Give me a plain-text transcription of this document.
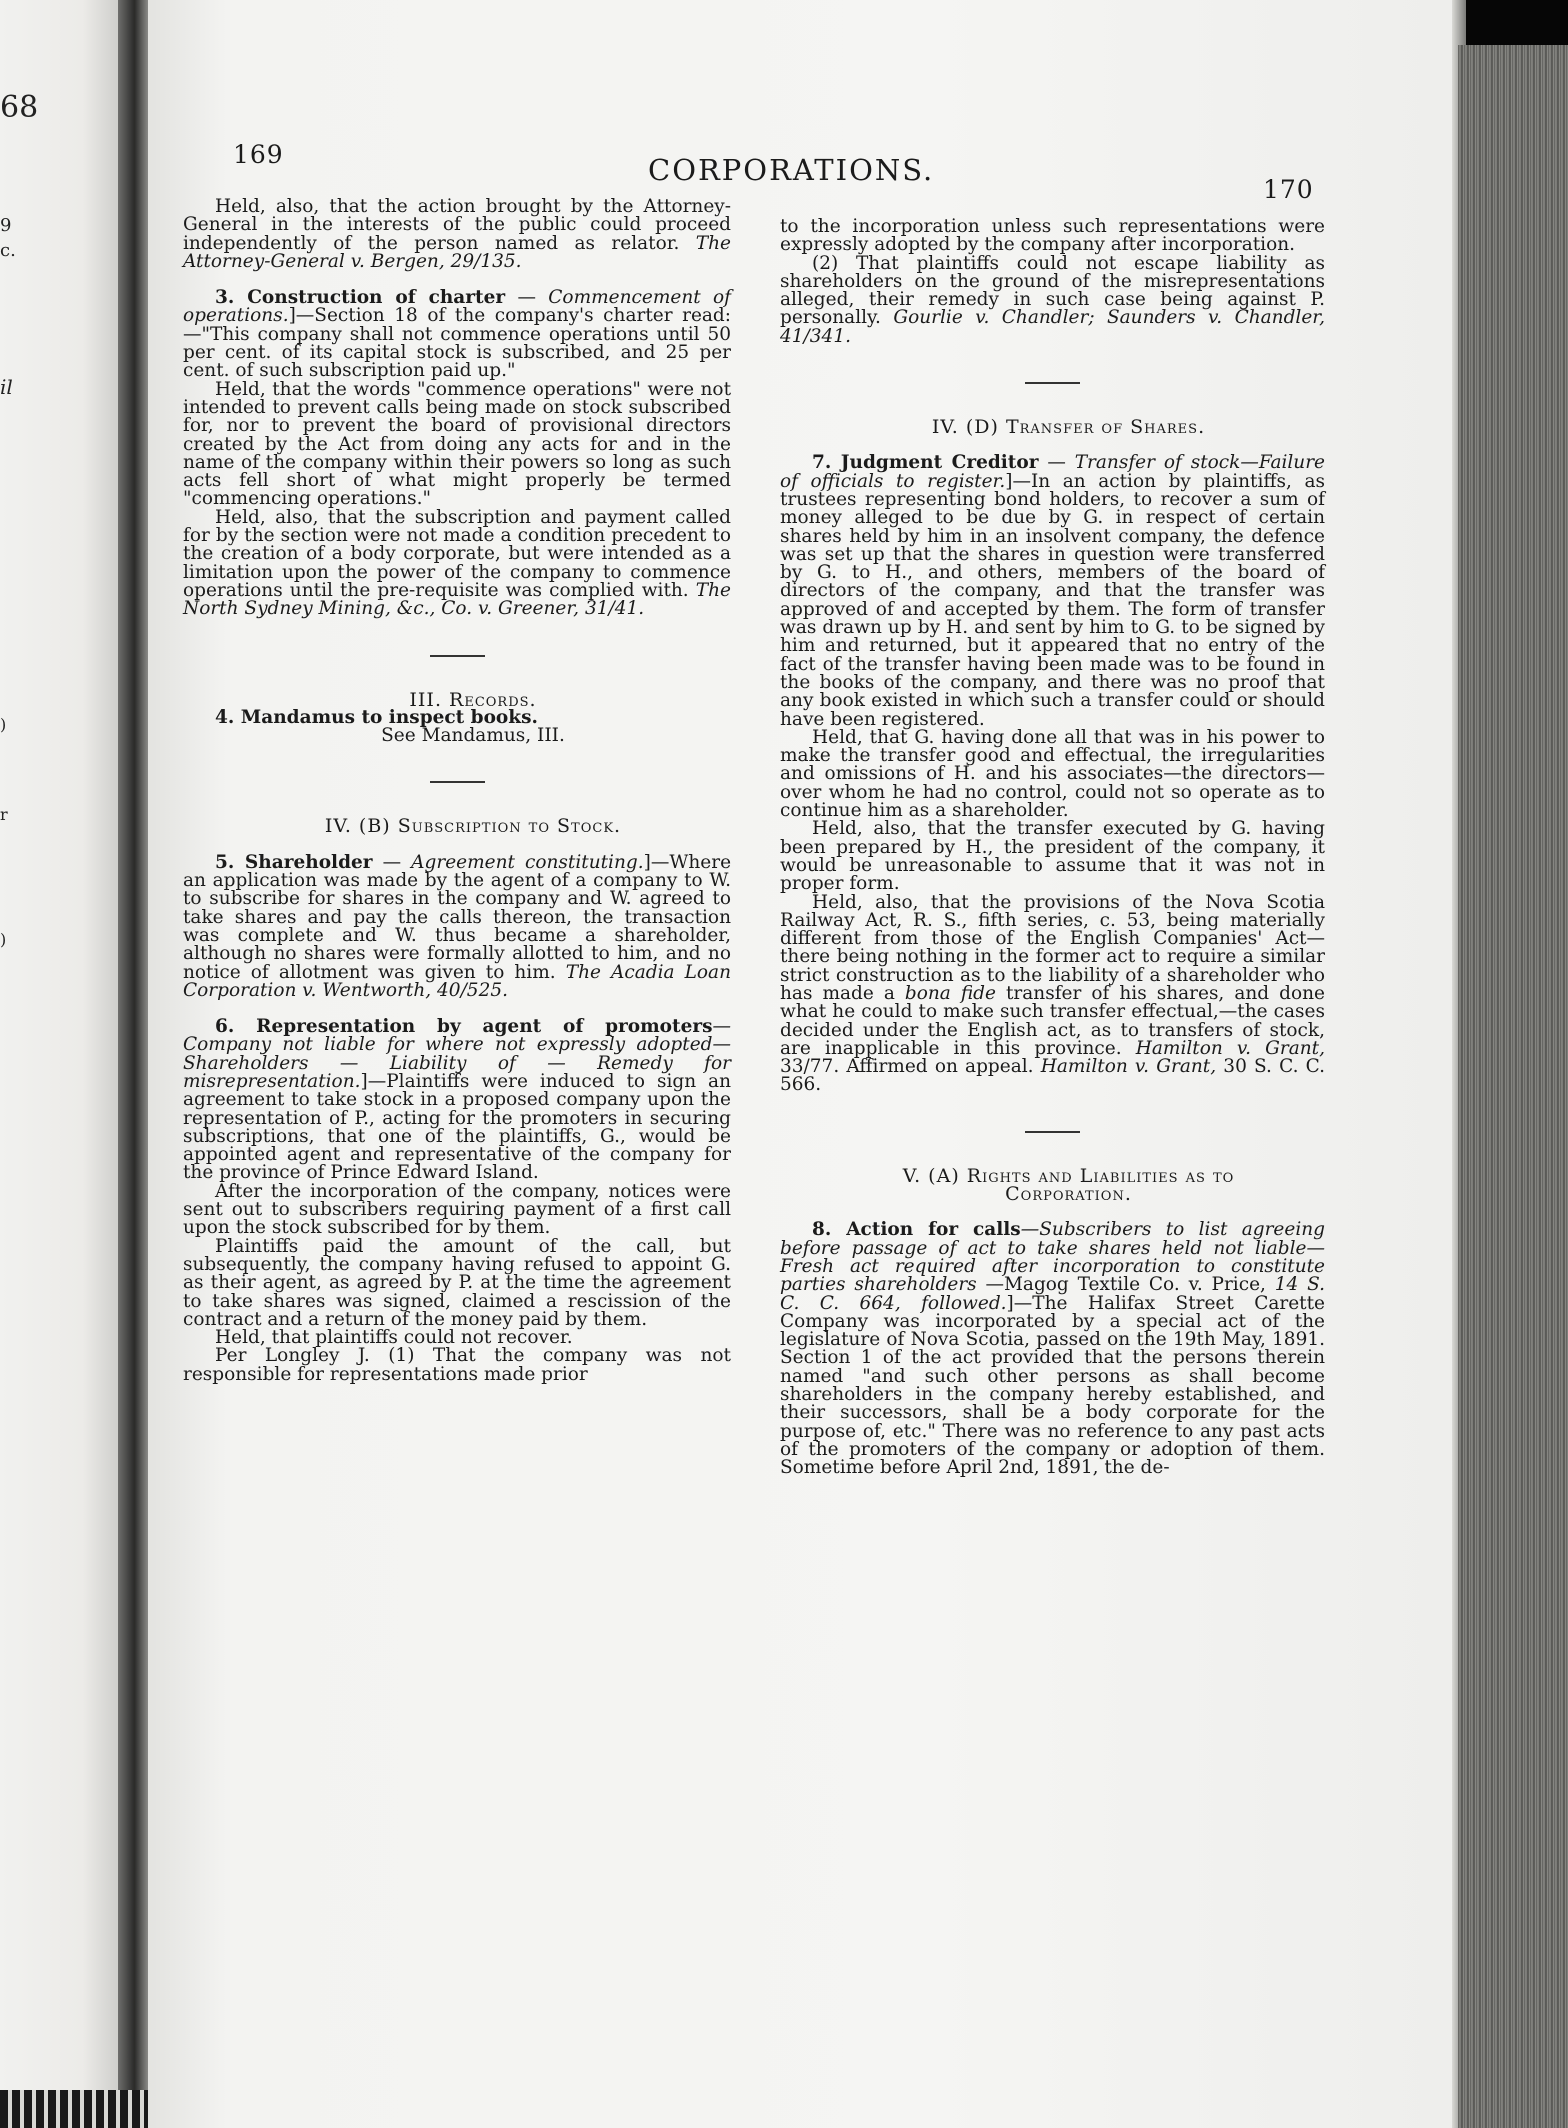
68
9
c.
il
)
r
)
169	CORPORATIONS.
170

Held, also, that the action brought by the Attorney-General in the interests of the public could proceed independently of the person named as relator. The Attorney-General v. Bergen, 29/135.

3. Construction of charter — Commencement of operations.]—Section 18 of the company's charter read:—"This company shall not commence operations until 50 per cent. of its capital stock is subscribed, and 25 per cent. of such subscription paid up."

Held, that the words "commence operations" were not intended to prevent calls being made on stock subscribed for, nor to prevent the board of provisional directors created by the Act from doing any acts for and in the name of the company within their powers so long as such acts fell short of what might properly be termed "commencing operations."

Held, also, that the subscription and payment called for by the section were not made a condition precedent to the creation of a body corporate, but were intended as a limitation upon the power of the company to commence operations until the pre-requisite was complied with. The North Sydney Mining, &c., Co. v. Greener, 31/41.

III. Records.

4. Mandamus to inspect books.

See Mandamus, III.

IV. (B) Subscription to Stock.

5. Shareholder — Agreement constituting.]—Where an application was made by the agent of a company to W. to subscribe for shares in the company and W. agreed to take shares and pay the calls thereon, the transaction was complete and W. thus became a shareholder, although no shares were formally allotted to him, and no notice of allotment was given to him. The Acadia Loan Corporation v. Wentworth, 40/525.

6. Representation by agent of promoters—Company not liable for where not expressly adopted—Shareholders — Liability of — Remedy for misrepresentation.]—Plaintiffs were induced to sign an agreement to take stock in a proposed company upon the representation of P., acting for the promoters in securing subscriptions, that one of the plaintiffs, G., would be appointed agent and representative of the company for the province of Prince Edward Island.

After the incorporation of the company, notices were sent out to subscribers requiring payment of a first call upon the stock subscribed for by them.

Plaintiffs paid the amount of the call, but subsequently, the company having refused to appoint G. as their agent, as agreed by P. at the time the agreement to take shares was signed, claimed a rescission of the contract and a return of the money paid by them.

Held, that plaintiffs could not recover.

Per Longley J. (1) That the company was not responsible for representations made prior

to the incorporation unless such representations were expressly adopted by the company after incorporation.

(2) That plaintiffs could not escape liability as shareholders on the ground of the misrepresentations alleged, their remedy in such case being against P. personally. Gourlie v. Chandler; Saunders v. Chandler, 41/341.

IV. (D) Transfer of Shares.

7. Judgment Creditor — Transfer of stock—Failure of officials to register.]—In an action by plaintiffs, as trustees representing bond holders, to recover a sum of money alleged to be due by G. in respect of certain shares held by him in an insolvent company, the defence was set up that the shares in question were transferred by G. to H., and others, members of the board of directors of the company, and that the transfer was approved of and accepted by them. The form of transfer was drawn up by H. and sent by him to G. to be signed by him and returned, but it appeared that no entry of the fact of the transfer having been made was to be found in the books of the company, and there was no proof that any book existed in which such a transfer could or should have been registered.

Held, that G. having done all that was in his power to make the transfer good and effectual, the irregularities and omissions of H. and his associates—the directors—over whom he had no control, could not so operate as to continue him as a shareholder.

Held, also, that the transfer executed by G. having been prepared by H., the president of the company, it would be unreasonable to assume that it was not in proper form.

Held, also, that the provisions of the Nova Scotia Railway Act, R. S., fifth series, c. 53, being materially different from those of the English Companies' Act—there being nothing in the former act to require a similar strict construction as to the liability of a shareholder who has made a bona fide transfer of his shares, and done what he could to make such transfer effectual,—the cases decided under the English act, as to transfers of stock, are inapplicable in this province. Hamilton v. Grant, 33/77. Affirmed on appeal. Hamilton v. Grant, 30 S. C. C. 566.

V. (A) Rights and Liabilities as to

Corporation.

8. Action for calls—Subscribers to list agreeing before passage of act to take shares held not liable—Fresh act required after incorporation to constitute parties shareholders —Magog Textile Co. v. Price, 14 S. C. C. 664, followed.]—The Halifax Street Carette Company was incorporated by a special act of the legislature of Nova Scotia, passed on the 19th May, 1891. Section 1 of the act provided that the persons therein named "and such other persons as shall become shareholders in the company hereby established, and their successors, shall be a body corporate for the purpose of, etc." There was no reference to any past acts of the promoters of the company or adoption of them. Sometime before April 2nd, 1891, the de-
